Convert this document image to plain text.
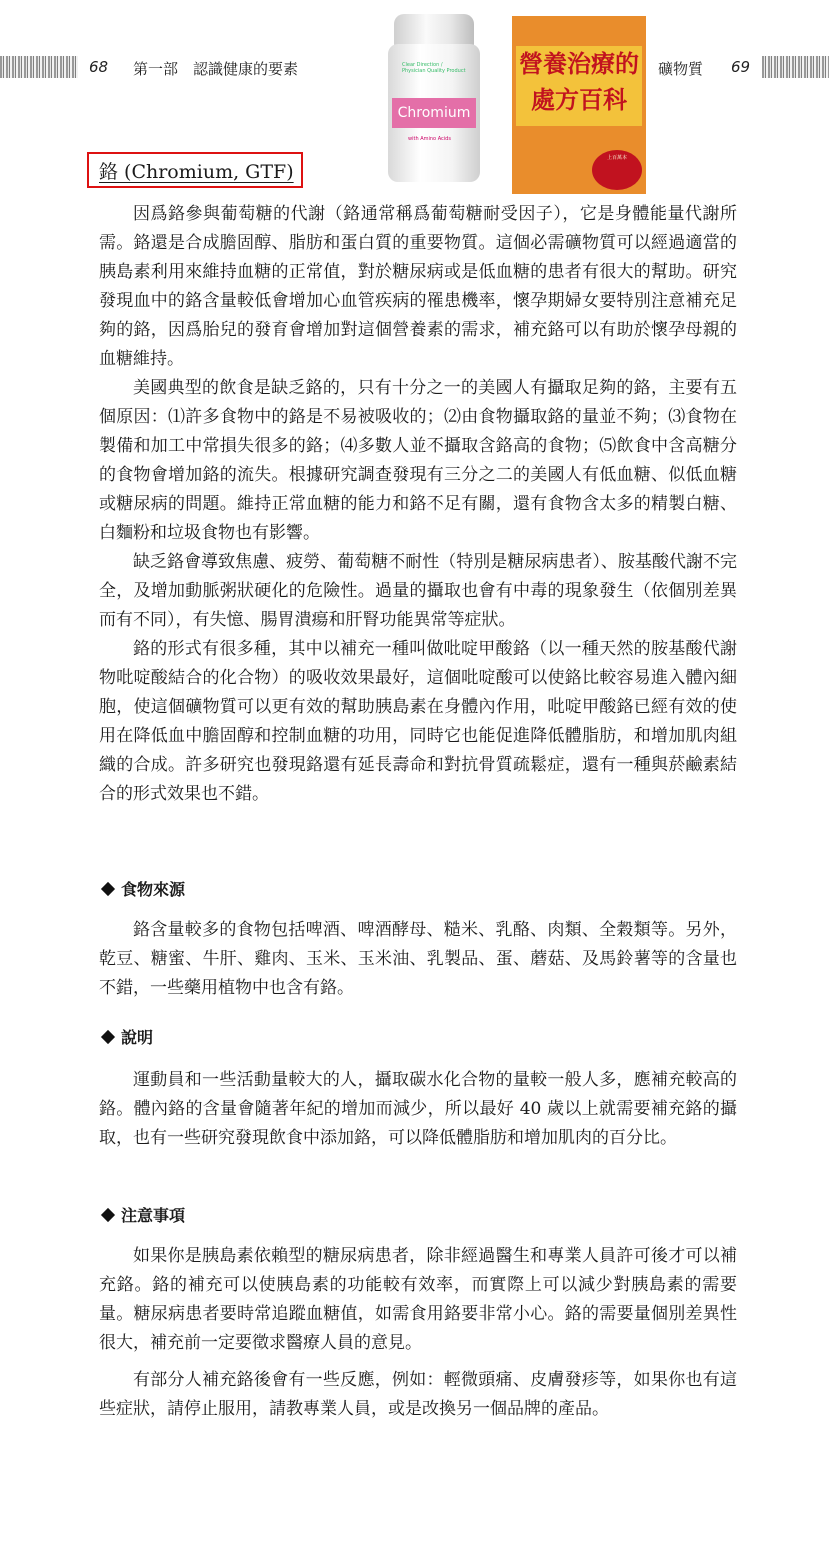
68 第一部　認識健康的要素	礦物質 69
Clear Direction / Physician Quality Product
Chromium
with Amino Acids
營養治療的處方百科
上百萬本
鉻 (Chromium, GTF)

因爲鉻參與葡萄糖的代謝（鉻通常稱爲葡萄糖耐受因子），它是身體能量代謝所需。鉻還是合成膽固醇、脂肪和蛋白質的重要物質。這個必需礦物質可以經過適當的胰島素利用來維持血糖的正常值，對於糖尿病或是低血糖的患者有很大的幫助。研究發現血中的鉻含量較低會增加心血管疾病的罹患機率，懷孕期婦女要特別注意補充足夠的鉻，因爲胎兒的發育會增加對這個營養素的需求，補充鉻可以有助於懷孕母親的血糖維持。

美國典型的飲食是缺乏鉻的，只有十分之一的美國人有攝取足夠的鉻，主要有五個原因：⑴許多食物中的鉻是不易被吸收的；⑵由食物攝取鉻的量並不夠；⑶食物在製備和加工中常損失很多的鉻；⑷多數人並不攝取含鉻高的食物；⑸飲食中含高糖分的食物會增加鉻的流失。根據研究調查發現有三分之二的美國人有低血糖、似低血糖或糖尿病的問題。維持正常血糖的能力和鉻不足有關，還有食物含太多的精製白糖、白麵粉和垃圾食物也有影響。

缺乏鉻會導致焦慮、疲勞、葡萄糖不耐性（特別是糖尿病患者）、胺基酸代謝不完全，及增加動脈粥狀硬化的危險性。過量的攝取也會有中毒的現象發生（依個別差異而有不同），有失憶、腸胃潰瘍和肝腎功能異常等症狀。

鉻的形式有很多種，其中以補充一種叫做吡啶甲酸鉻（以一種天然的胺基酸代謝物吡啶酸結合的化合物）的吸收效果最好，這個吡啶酸可以使鉻比較容易進入體內細胞，使這個礦物質可以更有效的幫助胰島素在身體內作用，吡啶甲酸鉻已經有效的使用在降低血中膽固醇和控制血糖的功用，同時它也能促進降低體脂肪，和增加肌肉組織的合成。許多研究也發現鉻還有延長壽命和對抗骨質疏鬆症，還有一種與菸鹼素結合的形式效果也不錯。

食物來源

鉻含量較多的食物包括啤酒、啤酒酵母、糙米、乳酪、肉類、全穀類等。另外，乾豆、糖蜜、牛肝、雞肉、玉米、玉米油、乳製品、蛋、蘑菇、及馬鈴薯等的含量也不錯，一些藥用植物中也含有鉻。

說明

運動員和一些活動量較大的人，攝取碳水化合物的量較一般人多，應補充較高的鉻。體內鉻的含量會隨著年紀的增加而減少，所以最好 40 歲以上就需要補充鉻的攝取，也有一些研究發現飲食中添加鉻，可以降低體脂肪和增加肌肉的百分比。

注意事項

如果你是胰島素依賴型的糖尿病患者，除非經過醫生和專業人員許可後才可以補充鉻。鉻的補充可以使胰島素的功能較有效率，而實際上可以減少對胰島素的需要量。糖尿病患者要時常追蹤血糖值，如需食用鉻要非常小心。鉻的需要量個別差異性很大，補充前一定要徵求醫療人員的意見。

有部分人補充鉻後會有一些反應，例如：輕微頭痛、皮膚發疹等，如果你也有這些症狀，請停止服用，請教專業人員，或是改換另一個品牌的產品。
